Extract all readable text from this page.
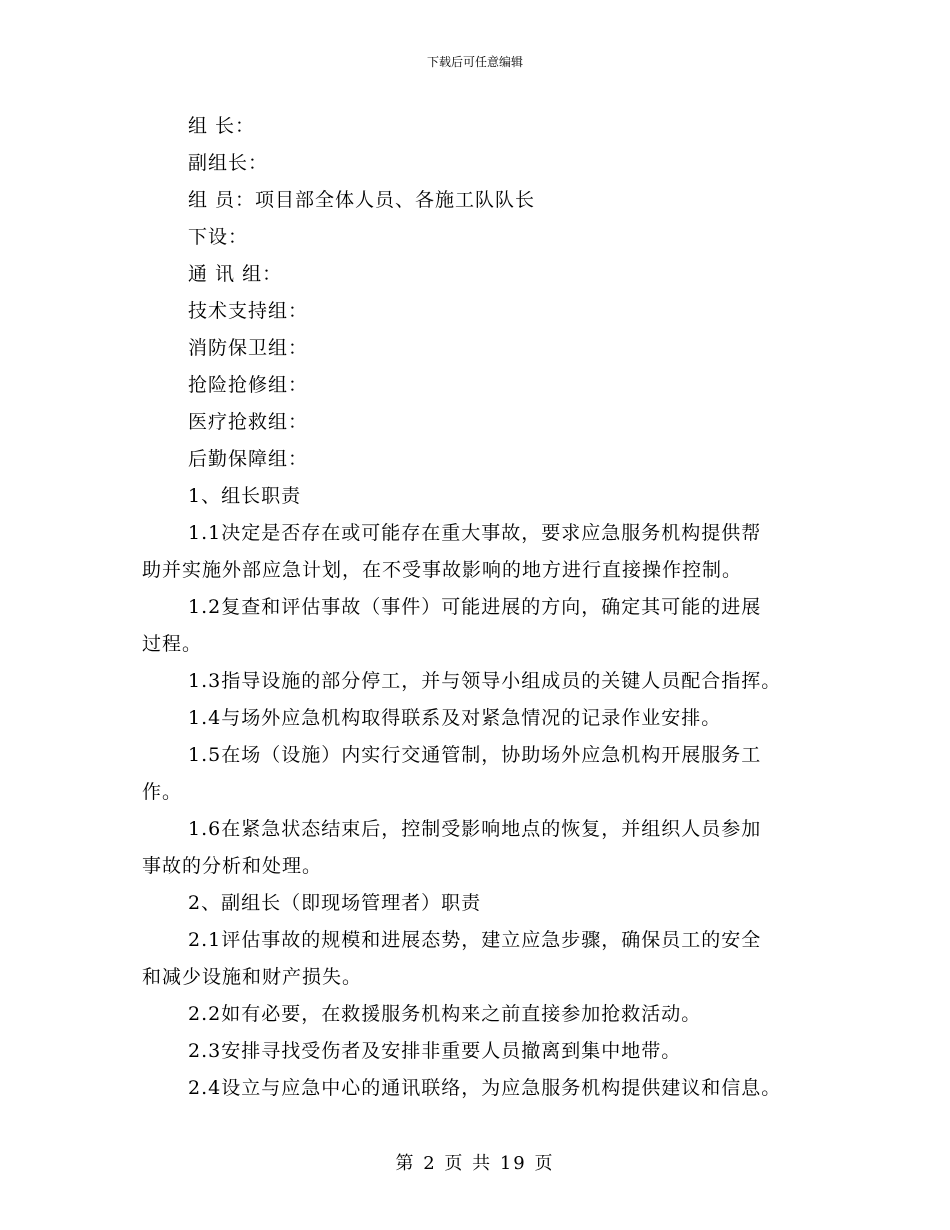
下载后可任意编辑
组 长：
副组长：
组 员：项目部全体人员、各施工队队长
下设：
通 讯 组：
技术支持组：
消防保卫组：
抢险抢修组：
医疗抢救组：
后勤保障组：
1、组长职责
1.1决定是否存在或可能存在重大事故，要求应急服务机构提供帮
助并实施外部应急计划，在不受事故影响的地方进行直接操作控制。
1.2复查和评估事故（事件）可能进展的方向，确定其可能的进展
过程。
1.3指导设施的部分停工，并与领导小组成员的关键人员配合指挥。
1.4与场外应急机构取得联系及对紧急情况的记录作业安排。
1.5在场（设施）内实行交通管制，协助场外应急机构开展服务工
作。
1.6在紧急状态结束后，控制受影响地点的恢复，并组织人员参加
事故的分析和处理。
2、副组长（即现场管理者）职责
2.1评估事故的规模和进展态势，建立应急步骤，确保员工的安全
和减少设施和财产损失。
2.2如有必要，在救援服务机构来之前直接参加抢救活动。
2.3安排寻找受伤者及安排非重要人员撤离到集中地带。
2.4设立与应急中心的通讯联络，为应急服务机构提供建议和信息。
第 2 页 共 19 页
